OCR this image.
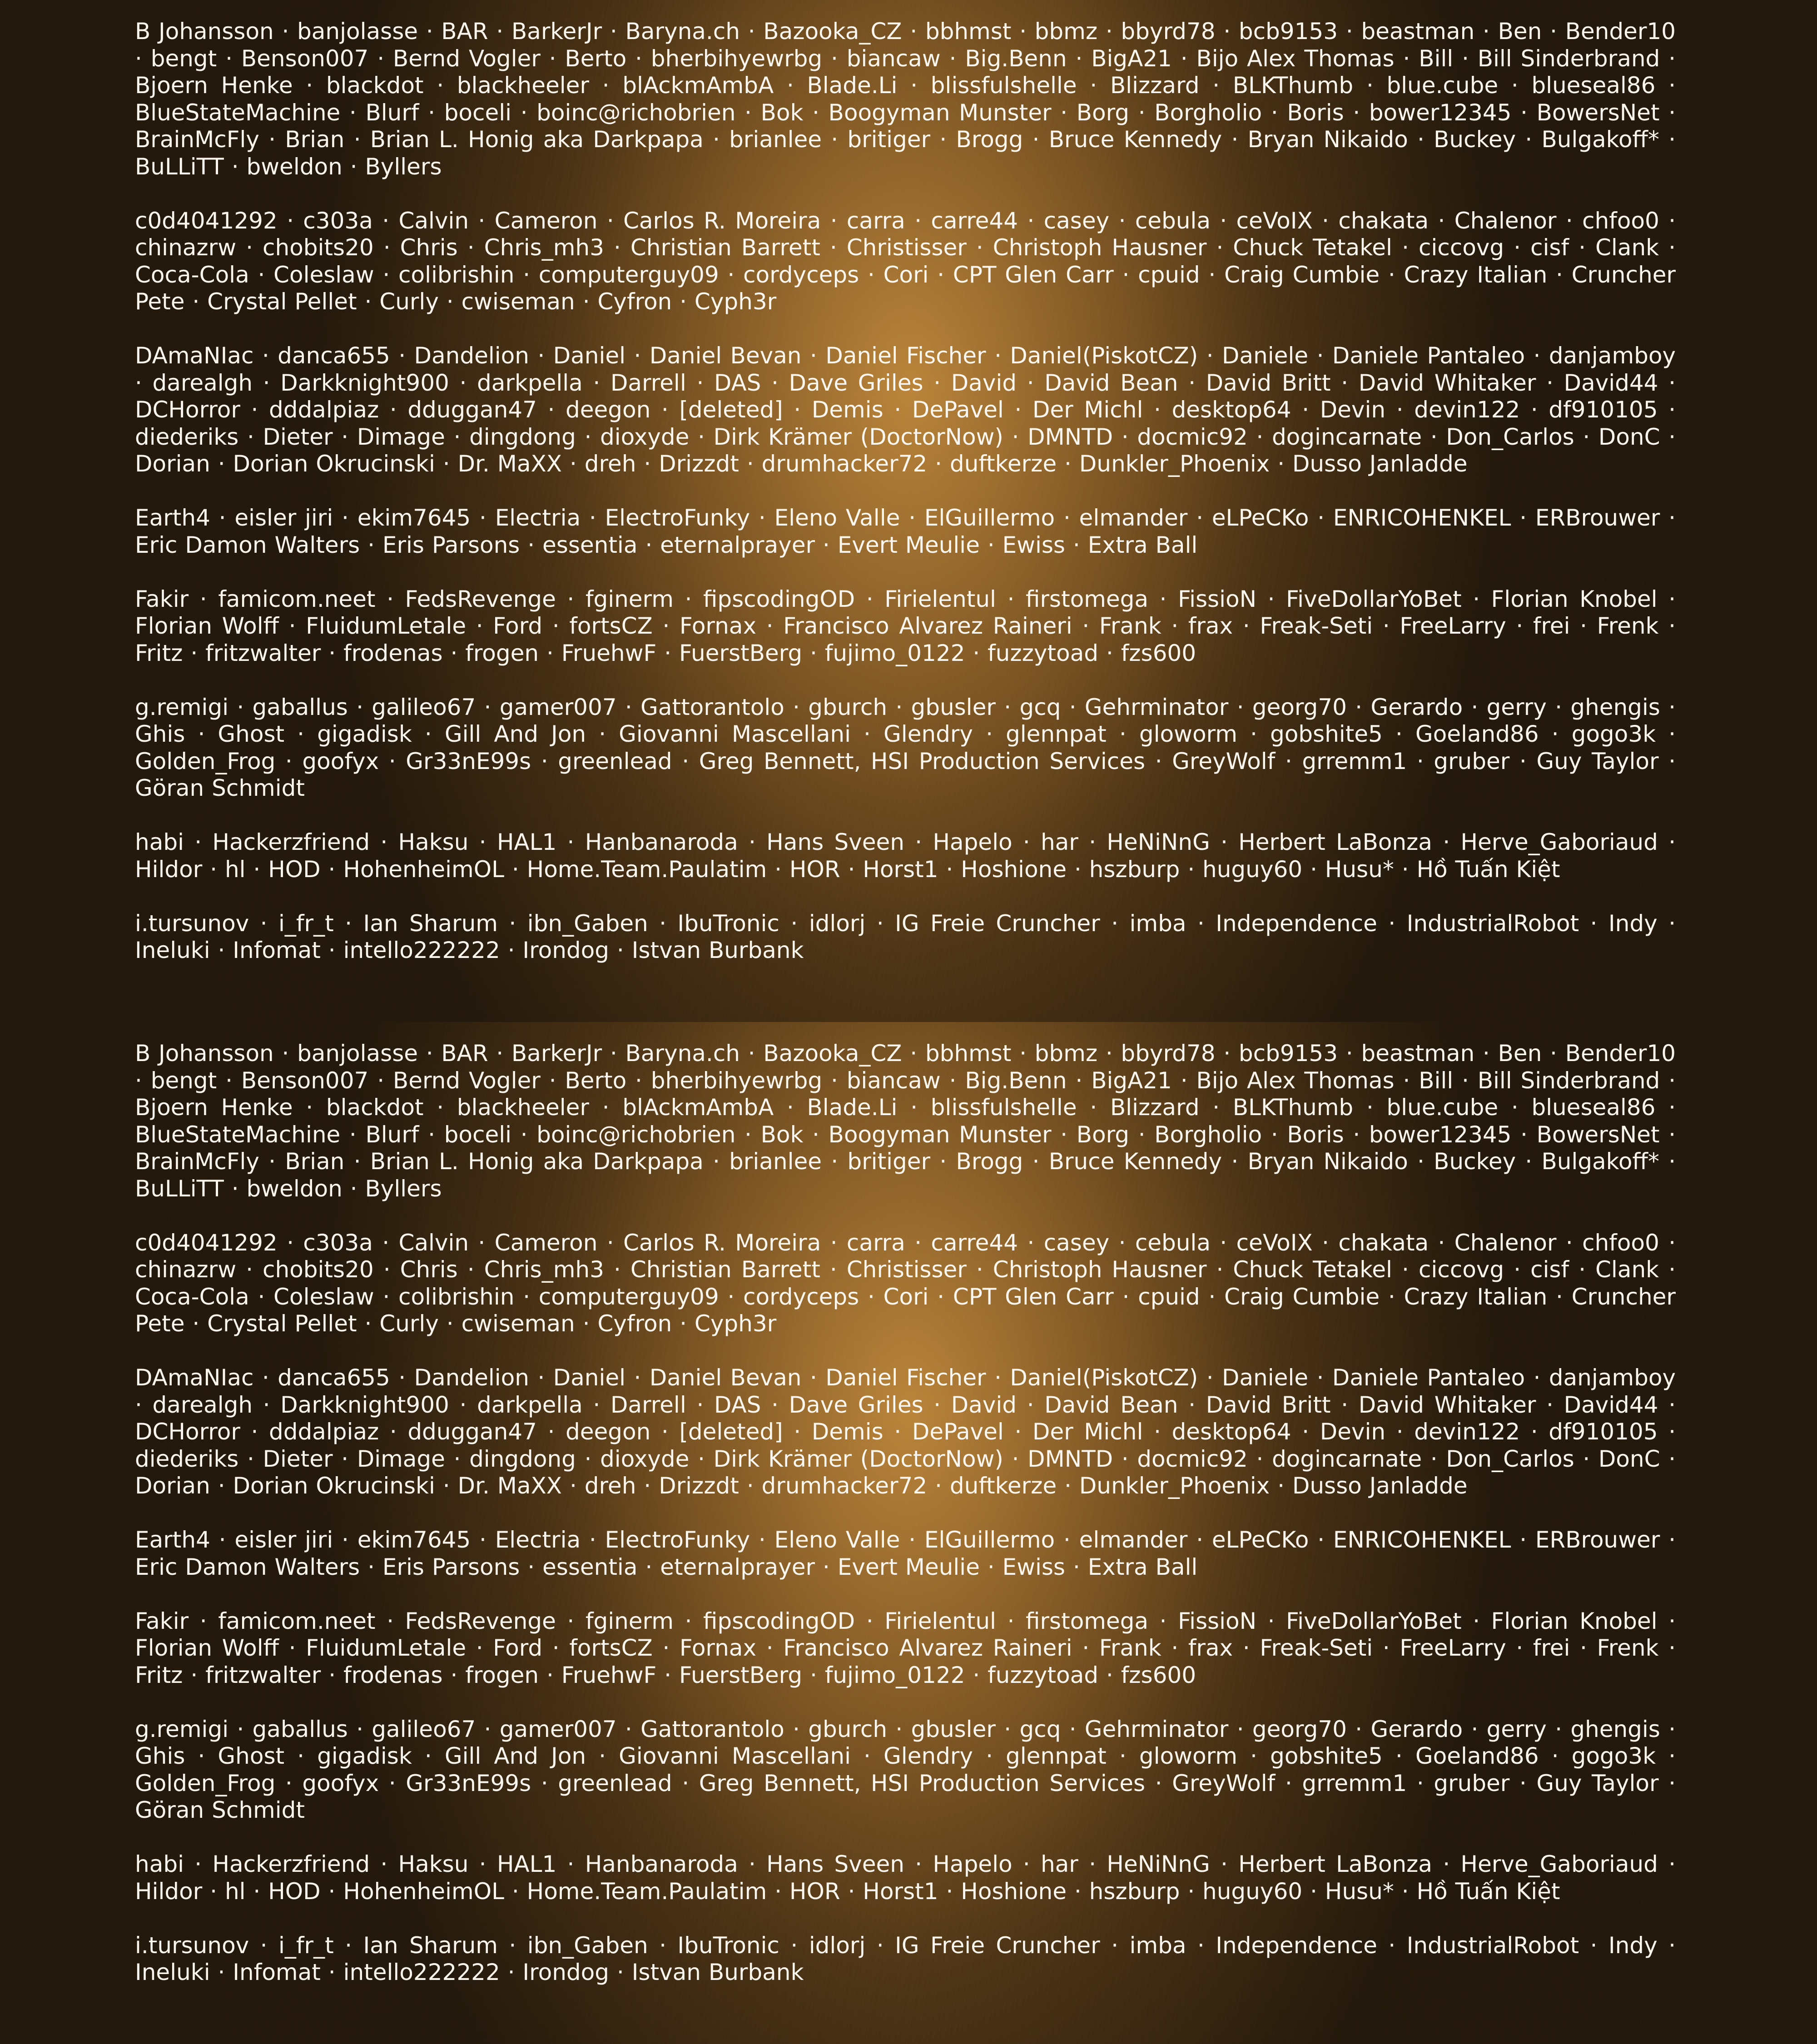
B Johansson · banjolasse · BAR · BarkerJr · Baryna.ch · Bazooka_CZ · bbhmst · bbmz · bbyrd78 · bcb9153 · beastman · Ben · Bender10 · bengt · Benson007 · Bernd Vogler · Berto · bherbihyewrbg · biancaw · Big.Benn · BigA21 · Bijo Alex Thomas · Bill · Bill Sinderbrand · Bjoern Henke · blackdot · blackheeler · blAckmAmbA · Blade.Li · blissfulshelle · Blizzard · BLKThumb · blue.cube · blueseal86 · BlueStateMachine · Blurf · boceli · boinc@richobrien · Bok · Boogyman Munster · Borg · Borgholio · Boris · bower12345 · BowersNet · BrainMcFly · Brian · Brian L. Honig aka Darkpapa · brianlee · britiger · Brogg · Bruce Kennedy · Bryan Nikaido · Buckey · Bulgakoff* · BuLLiTT · bweldon · Byllers

c0d4041292 · c303a · Calvin · Cameron · Carlos R. Moreira · carra · carre44 · casey · cebula · ceVoIX · chakata · Chalenor · chfoo0 · chinazrw · chobits20 · Chris · Chris_mh3 · Christian Barrett · Christisser · Christoph Hausner · Chuck Tetakel · ciccovg · cisf · Clank · Coca-Cola · Coleslaw · colibrishin · computerguy09 · cordyceps · Cori · CPT Glen Carr · cpuid · Craig Cumbie · Crazy Italian · Cruncher Pete · Crystal Pellet · Curly · cwiseman · Cyfron · Cyph3r

DAmaNIac · danca655 · Dandelion · Daniel · Daniel Bevan · Daniel Fischer · Daniel(PiskotCZ) · Daniele · Daniele Pantaleo · danjamboy · darealgh · Darkknight900 · darkpella · Darrell · DAS · Dave Griles · David · David Bean · David Britt · David Whitaker · David44 · DCHorror · dddalpiaz · dduggan47 · deegon · [deleted] · Demis · DePavel · Der Michl · desktop64 · Devin · devin122 · df910105 · diederiks · Dieter · Dimage · dingdong · dioxyde · Dirk Krämer (DoctorNow) · DMNTD · docmic92 · dogincarnate · Don_Carlos · DonC · Dorian · Dorian Okrucinski · Dr. MaXX · dreh · Drizzdt · drumhacker72 · duftkerze · Dunkler_Phoenix · Dusso Janladde

Earth4 · eisler jiri · ekim7645 · Electria · ElectroFunky · Eleno Valle · ElGuillermo · elmander · eLPeCKo · ENRICOHENKEL · ERBrouwer · Eric Damon Walters · Eris Parsons · essentia · eternalprayer · Evert Meulie · Ewiss · Extra Ball

Fakir · famicom.neet · FedsRevenge · fginerm · fipscodingOD · Firielentul · firstomega · FissioN · FiveDollarYoBet · Florian Knobel · Florian Wolff · FluidumLetale · Ford · fortsCZ · Fornax · Francisco Alvarez Raineri · Frank · frax · Freak-Seti · FreeLarry · frei · Frenk · Fritz · fritzwalter · frodenas · frogen · FruehwF · FuerstBerg · fujimo_0122 · fuzzytoad · fzs600

g.remigi · gaballus · galileo67 · gamer007 · Gattorantolo · gburch · gbusler · gcq · Gehrminator · georg70 · Gerardo · gerry · ghengis · Ghis · Ghost · gigadisk · Gill And Jon · Giovanni Mascellani · Glendry · glennpat · gloworm · gobshite5 · Goeland86 · gogo3k · Golden_Frog · goofyx · Gr33nE99s · greenlead · Greg Bennett, HSI Production Services · GreyWolf · grremm1 · gruber · Guy Taylor · Göran Schmidt

habi · Hackerzfriend · Haksu · HAL1 · Hanbanaroda · Hans Sveen · Hapelo · har · HeNiNnG · Herbert LaBonza · Herve_Gaboriaud · Hildor · hl · HOD · HohenheimOL · Home.Team.Paulatim · HOR · Horst1 · Hoshione · hszburp · huguy60 · Husu* · Hồ Tuấn Kiệt

i.tursunov · i_fr_t · Ian Sharum · ibn_Gaben · IbuTronic · idlorj · IG Freie Cruncher · imba · Independence · IndustrialRobot · Indy · Ineluki · Infomat · intello222222 · Irondog · Istvan Burbank

B Johansson · banjolasse · BAR · BarkerJr · Baryna.ch · Bazooka_CZ · bbhmst · bbmz · bbyrd78 · bcb9153 · beastman · Ben · Bender10 · bengt · Benson007 · Bernd Vogler · Berto · bherbihyewrbg · biancaw · Big.Benn · BigA21 · Bijo Alex Thomas · Bill · Bill Sinderbrand · Bjoern Henke · blackdot · blackheeler · blAckmAmbA · Blade.Li · blissfulshelle · Blizzard · BLKThumb · blue.cube · blueseal86 · BlueStateMachine · Blurf · boceli · boinc@richobrien · Bok · Boogyman Munster · Borg · Borgholio · Boris · bower12345 · BowersNet · BrainMcFly · Brian · Brian L. Honig aka Darkpapa · brianlee · britiger · Brogg · Bruce Kennedy · Bryan Nikaido · Buckey · Bulgakoff* · BuLLiTT · bweldon · Byllers

c0d4041292 · c303a · Calvin · Cameron · Carlos R. Moreira · carra · carre44 · casey · cebula · ceVoIX · chakata · Chalenor · chfoo0 · chinazrw · chobits20 · Chris · Chris_mh3 · Christian Barrett · Christisser · Christoph Hausner · Chuck Tetakel · ciccovg · cisf · Clank · Coca-Cola · Coleslaw · colibrishin · computerguy09 · cordyceps · Cori · CPT Glen Carr · cpuid · Craig Cumbie · Crazy Italian · Cruncher Pete · Crystal Pellet · Curly · cwiseman · Cyfron · Cyph3r

DAmaNIac · danca655 · Dandelion · Daniel · Daniel Bevan · Daniel Fischer · Daniel(PiskotCZ) · Daniele · Daniele Pantaleo · danjamboy · darealgh · Darkknight900 · darkpella · Darrell · DAS · Dave Griles · David · David Bean · David Britt · David Whitaker · David44 · DCHorror · dddalpiaz · dduggan47 · deegon · [deleted] · Demis · DePavel · Der Michl · desktop64 · Devin · devin122 · df910105 · diederiks · Dieter · Dimage · dingdong · dioxyde · Dirk Krämer (DoctorNow) · DMNTD · docmic92 · dogincarnate · Don_Carlos · DonC · Dorian · Dorian Okrucinski · Dr. MaXX · dreh · Drizzdt · drumhacker72 · duftkerze · Dunkler_Phoenix · Dusso Janladde

Earth4 · eisler jiri · ekim7645 · Electria · ElectroFunky · Eleno Valle · ElGuillermo · elmander · eLPeCKo · ENRICOHENKEL · ERBrouwer · Eric Damon Walters · Eris Parsons · essentia · eternalprayer · Evert Meulie · Ewiss · Extra Ball

Fakir · famicom.neet · FedsRevenge · fginerm · fipscodingOD · Firielentul · firstomega · FissioN · FiveDollarYoBet · Florian Knobel · Florian Wolff · FluidumLetale · Ford · fortsCZ · Fornax · Francisco Alvarez Raineri · Frank · frax · Freak-Seti · FreeLarry · frei · Frenk · Fritz · fritzwalter · frodenas · frogen · FruehwF · FuerstBerg · fujimo_0122 · fuzzytoad · fzs600

g.remigi · gaballus · galileo67 · gamer007 · Gattorantolo · gburch · gbusler · gcq · Gehrminator · georg70 · Gerardo · gerry · ghengis · Ghis · Ghost · gigadisk · Gill And Jon · Giovanni Mascellani · Glendry · glennpat · gloworm · gobshite5 · Goeland86 · gogo3k · Golden_Frog · goofyx · Gr33nE99s · greenlead · Greg Bennett, HSI Production Services · GreyWolf · grremm1 · gruber · Guy Taylor · Göran Schmidt

habi · Hackerzfriend · Haksu · HAL1 · Hanbanaroda · Hans Sveen · Hapelo · har · HeNiNnG · Herbert LaBonza · Herve_Gaboriaud · Hildor · hl · HOD · HohenheimOL · Home.Team.Paulatim · HOR · Horst1 · Hoshione · hszburp · huguy60 · Husu* · Hồ Tuấn Kiệt

i.tursunov · i_fr_t · Ian Sharum · ibn_Gaben · IbuTronic · idlorj · IG Freie Cruncher · imba · Independence · IndustrialRobot · Indy · Ineluki · Infomat · intello222222 · Irondog · Istvan Burbank
